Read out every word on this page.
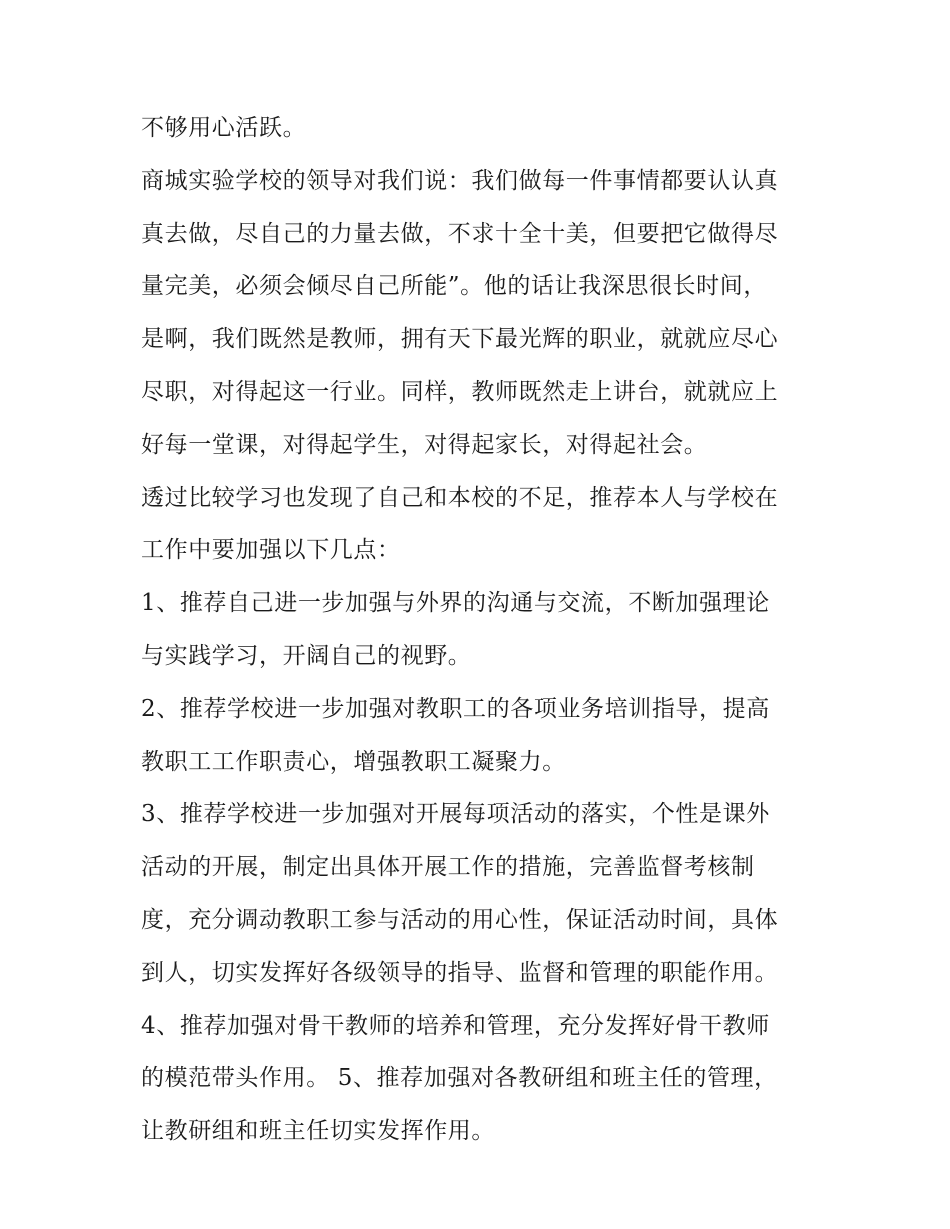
不够用心活跃。
商城实验学校的领导对我们说：我们做每一件事情都要认认真
真去做，尽自己的力量去做，不求十全十美，但要把它做得尽
量完美，必须会倾尽自己所能”。他的话让我深思很长时间，
是啊，我们既然是教师，拥有天下最光辉的职业，就就应尽心
尽职，对得起这一行业。同样，教师既然走上讲台，就就应上
好每一堂课，对得起学生，对得起家长，对得起社会。
透过比较学习也发现了自己和本校的不足，推荐本人与学校在
工作中要加强以下几点：
1、推荐自己进一步加强与外界的沟通与交流，不断加强理论
与实践学习，开阔自己的视野。
2、推荐学校进一步加强对教职工的各项业务培训指导，提高
教职工工作职责心，增强教职工凝聚力。
3、推荐学校进一步加强对开展每项活动的落实，个性是课外
活动的开展，制定出具体开展工作的措施，完善监督考核制
度，充分调动教职工参与活动的用心性，保证活动时间，具体
到人，切实发挥好各级领导的指导、监督和管理的职能作用。
4、推荐加强对骨干教师的培养和管理，充分发挥好骨干教师
的模范带头作用。 5、推荐加强对各教研组和班主任的管理，
让教研组和班主任切实发挥作用。
